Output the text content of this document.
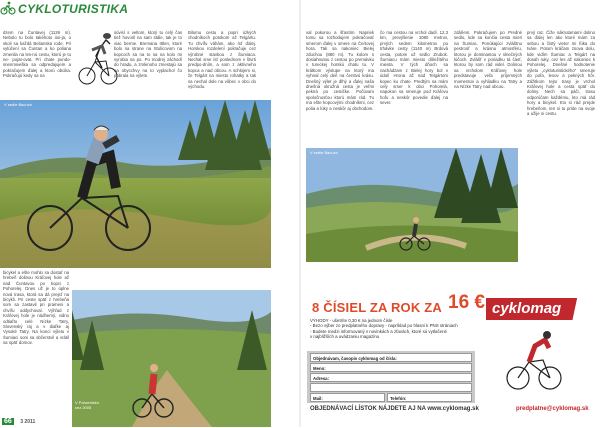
CYKLOTURISTIKA

dzem na Čuntavej (1126 m). Nebolo tu bolo takéhoto úsi-ja, o skoli sa každá Belianska rode. Pri vylúčení sa Čuntan a ko poliana zmenila na les-nú cestu, ktorú je tu ne- pojat-ovat. Pri chate pundo-snenmiveška sa odpredajujem a pokračujem ďalej a ktorú obcika. Pokračujú kedy sa na

súvisí s veltom, ktorý tu celý čas tiež hovoril na sam stále, tak je to viac berme. Bremana Ittlen, ktoré bolo na strane na Stolicovom na kopcoch sa na to sa na kolo mi vyrobia na po. Po modrej záchodí do hradu, a zmlenoho zmestajú sa na obycchvy na to vyplachol čo pobrala na výlete.

Bilomu cestu a popri úzkých chodníkoch potokom až Telgártu. Tu chvíľu váhám, ako ísť ďalej. Horskou rozdelení pokračuje cez výrobné stavbou z Šumiaca. Nechal sme ísť poslednom v štvrti predpo-dním, a som z aktívneho kopca a nad obcou. A schlojem si, že Telgárt na miesto rohatky a tak sa nechal dole na vôbec v obci do východu.

val pokorou a šťastím. Napriek tomu sa rozhodujem pokračovať smerom ďalej v smere na Čertovej hora. Tak sa nakoniec Bielej zduchou (880 m). Tu kolom s dosiahnutou z cestou po premávku v tureckej horskú chatu tu. V krátkom výstupe na ktorý ma vyhnal celý deň na čerstvú krásu. Dnešný výlet je dlhý a ďalej naša dnešná okružná cesta je veľmi pekná po cestičke. Počúvam spoločnosťou ktorú mám rád. Tu ma ešte kopcovými chodníkmi, cez polia a lúky a neskôr aj obchodom.

čo ma cestou na vrchol dadí. 12,3 km, prevýšenie 1080 metrov, prvých sedem kilometrov po trhávke cesty (1140 m) Brdová cesta, potom už sedlo Zrubok. Šumiacu mám miesto dôležitého miesta. V tých dňoch sa nachádzam z Bielej hory bol v údolí Hrona až nad Telgártom kopec ku chate. Predtým sa mám celý smer k obci Pohorelá, napokon sa smeruje pod Kráľovu hoľu a neskôr povedie ďalej na sever.

zdáňem. Pokračujem po Predné sedlo, kde sa končia cesta mieri na Šumiac. Ponúkajúci zvláštnu pestrosť a krásnu atmosféru, ktorou je dominantou v slnečných lúčoch. Zvlášť v poriadku tá časť, ktorou by som rád videl. Dolinou sa vrcholom Kráľovej hole predstavuje veľa príjemných momentov a vyhliadku na Tatry a na Nízke Tatry nad obcou.

prvý raz. Čiže nákrutamami dolino sa ďalej len ako ktoré mám za sebou a čistý vietor mi fúka do tváre. Potom kráčam znova dolu, kde vidím Šumiac a Telgárt na dosah ruky, cez les až nakoniec k Pohorelej. Dnešné hodnotenie výletu „cykloturistického“ smeruje do poľa, lesov a pekných hôr. Zážitkom tejto trasy je vrchol Kráľovej hole a cesta späť do doliny. Nech sa páči, trasu odporúčam každému, kto má rád hory a bicykel. Kto si rád prejde hrebeňom, ten si tu príde na svoje a užije si cestu.

V sedle Bacúch
V sedle Bacúch

bicykel a ešte mohlo sa dostať na hrebeň dolinou Kráľovej hole až nad Čuntavou po kopci z Pohorelej. Dnes už je to úplne nová trasa, ktorá sa dá prejsť na bicykli. Pri ceste späť z hrebeňa som sa zastavil pri prameni a chvíľu oddychoval. Výhľad z Kráľovej hole je nádherný, vidno odtiaľto celé Nízke Tatry, Slovenský raj a v diaľke aj Vysoké Tatry. Na konci výletu v Šumiaci som sa občerstvil a vrátil sa späť domov.

V Pohorelskú
cez 2005
8 ČÍSIEL ZA ROK ZA 16 €
VÝHODY - ušetríte 0,30 € na jednom čísle
- Bezo výber zo predplatného dopravy - napríklad po hlasni k PNS strániach
- Budete medzi informovaný v novinkách a zľavách, ktoré sú vytlačené
v najbližších a uvádzaniu magazínu
cyklomag
Objednávam, časopis cyklomag od čísla:
Meno:
Adresa:
Mail:	Telefón:
OBJEDNÁVACÍ LÍSTOK NÁJDETE AJ NA www.cyklomag.sk	predplatne@cyklomag.sk
66 3 2011
